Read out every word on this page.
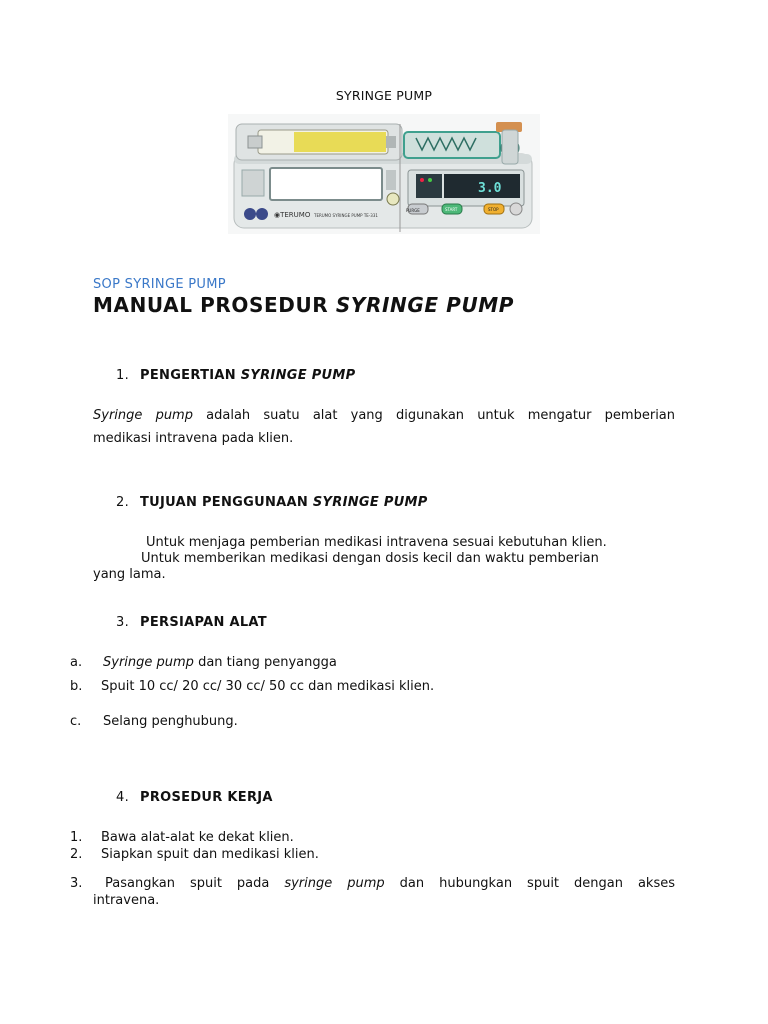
SYRINGE PUMP
◉TERUMO TERUMO SYRINGE PUMP TE-331
3.0
PURGE	START	STOP
SOP SYRINGE PUMP
MANUAL PROSEDUR SYRINGE PUMP
1. PENGERTIAN SYRINGE PUMP
Syringe pump adalah suatu alat yang digunakan untuk mengatur pemberian
medikasi intravena pada klien.
2. TUJUAN PENGGUNAAN SYRINGE PUMP
Untuk menjaga pemberian medikasi intravena sesuai kebutuhan klien.
Untuk memberikan medikasi dengan dosis kecil dan waktu pemberian
yang lama.
3. PERSIAPAN ALAT
a. Syringe pump dan tiang penyangga
b. Spuit 10 cc/ 20 cc/ 30 cc/ 50 cc dan medikasi klien.
c. Selang penghubung.
4. PROSEDUR KERJA
1. Bawa alat-alat ke dekat klien.
2. Siapkan spuit dan medikasi klien.
3. Pasangkan spuit pada syringe pump dan hubungkan spuit dengan akses
intravena.
